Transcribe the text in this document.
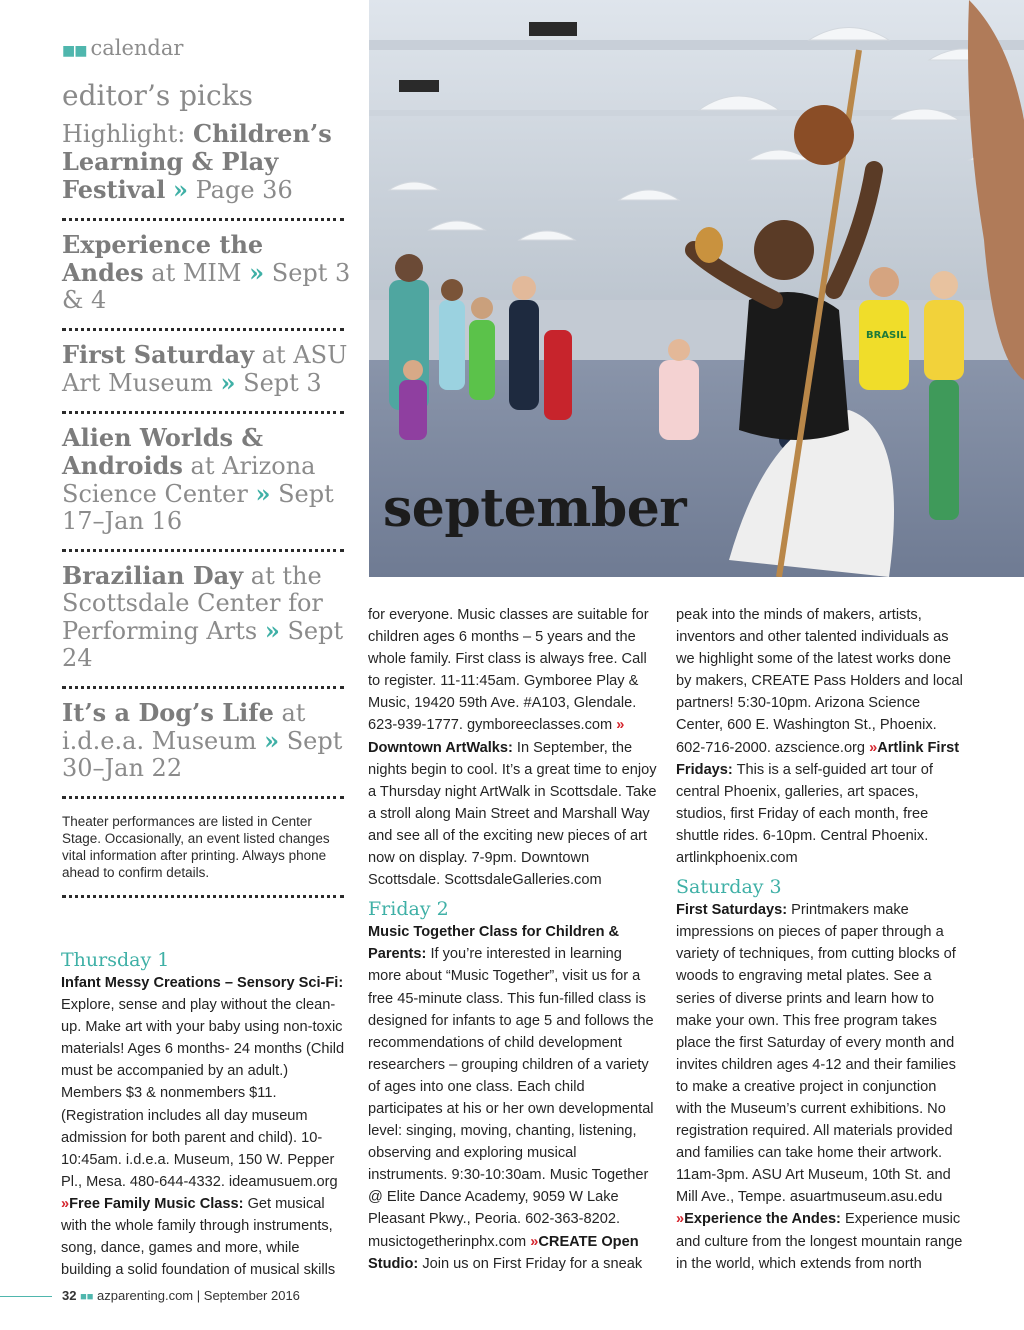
■■ calendar
editor’s picks
Highlight: Children’s Learning & Play Festival » Page 36
Experience the Andes at MIM » Sept 3 & 4
First Saturday at ASU Art Museum » Sept 3
Alien Worlds & Androids at Arizona Science Center » Sept 17–Jan 16
Brazilian Day at the Scottsdale Center for Performing Arts » Sept 24
It’s a Dog’s Life at i.d.e.a. Museum » Sept 30–Jan 22
Theater performances are listed in Center Stage. Occasionally, an event listed changes vital information after printing. Always phone ahead to confirm details.
BRASIL
september
Thursday 1

Infant Messy Creations – Sensory Sci-Fi: Explore, sense and play without the clean-up. Make art with your baby using non-toxic materials! Ages 6 months- 24 months (Child must be accompanied by an adult.) Members $3 & nonmembers $11. (Registration includes all day museum admission for both parent and child). 10-10:45am. i.d.e.a. Museum, 150 W. Pepper Pl., Mesa. 480-644-4332. ideamusuem.org »Free Family Music Class: Get musical with the whole family through instruments, song, dance, games and more, while building a solid foundation of musical skills

for everyone. Music classes are suitable for children ages 6 months – 5 years and the whole family. First class is always free. Call to register. 11-11:45am. Gymboree Play & Music, 19420 59th Ave. #A103, Glendale. 623-939-1777. gymboreeclasses.com »
Downtown ArtWalks: In September, the nights begin to cool. It’s a great time to enjoy a Thursday night ArtWalk in Scottsdale. Take a stroll along Main Street and Marshall Way and see all of the exciting new pieces of art now on display. 7-9pm. Downtown Scottsdale. ScottsdaleGalleries.com

Friday 2

Music Together Class for Children & Parents: If you’re interested in learning more about “Music Together”, visit us for a free 45-minute class. This fun-filled class is designed for infants to age 5 and follows the recommendations of child development researchers – grouping children of a variety of ages into one class. Each child participates at his or her own developmental level: singing, moving, chanting, listening, observing and exploring musical instruments. 9:30-10:30am. Music Together @ Elite Dance Academy, 9059 W Lake Pleasant Pkwy., Peoria. 602-363-8202. musictogetherinphx.com »CREATE Open Studio: Join us on First Friday for a sneak

peak into the minds of makers, artists, inventors and other talented individuals as we highlight some of the latest works done by makers, CREATE Pass Holders and local partners! 5:30-10pm. Arizona Science Center, 600 E. Washington St., Phoenix. 602-716-2000. azscience.org »Artlink First Fridays: This is a self-guided art tour of central Phoenix, galleries, art spaces, studios, first Friday of each month, free shuttle rides. 6-10pm. Central Phoenix. artlinkphoenix.com

Saturday 3

First Saturdays: Printmakers make impressions on pieces of paper through a variety of techniques, from cutting blocks of woods to engraving metal plates. See a series of diverse prints and learn how to make your own. This free program takes place the first Saturday of every month and invites children ages 4-12 and their families to make a creative project in conjunction with the Museum’s current exhibitions. No registration required. All materials provided and families can take home their artwork. 11am-3pm. ASU Art Museum, 10th St. and Mill Ave., Tempe. asuartmuseum.asu.edu »Experience the Andes: Experience music and culture from the longest mountain range in the world, which extends from north

32 ■■ azparenting.com | September 2016
